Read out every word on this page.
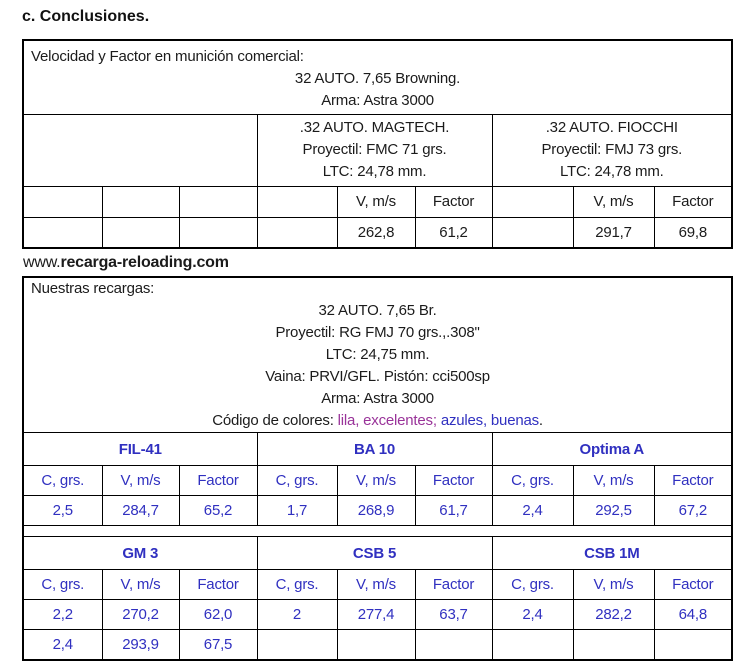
c. Conclusiones.
Velocidad y Factor en munición comercial:
32 AUTO. 7,65 Browning.
Arma: Astra 3000								

.32 AUTO. MAGTECH.
Proyectil: FMC 71 grs.
LTC: 24,78 mm.

.32 AUTO. FIOCCHI
Proyectil: FMJ 73 grs.
LTC: 24,78 mm.

				V, m/s	Factor		V, m/s	Factor
				262,8	61,2		291,7	69,8
www.recarga-reloading.com
Nuestras recargas:
32 AUTO. 7,65 Br.
Proyectil: RG FMJ 70 grs.,.308"
LTC: 24,75 mm.
Vaina: PRVI/GFL. Pistón: cci500sp
Arma: Astra 3000
Código de colores: lila, excelentes; azules, buenas.

FIL-41			BA 10			Optima A		
C, grs.	V, m/s	Factor	C, grs.	V, m/s	Factor	C, grs.	V, m/s	Factor
2,5	284,7	65,2	1,7	268,9	61,7	2,4	292,5	67,2

GM 3			CSB 5			CSB 1M		
C, grs.	V, m/s	Factor	C, grs.	V, m/s	Factor	C, grs.	V, m/s	Factor
2,2	270,2	62,0	2	277,4	63,7	2,4	282,2	64,8
2,4	293,9	67,5						
